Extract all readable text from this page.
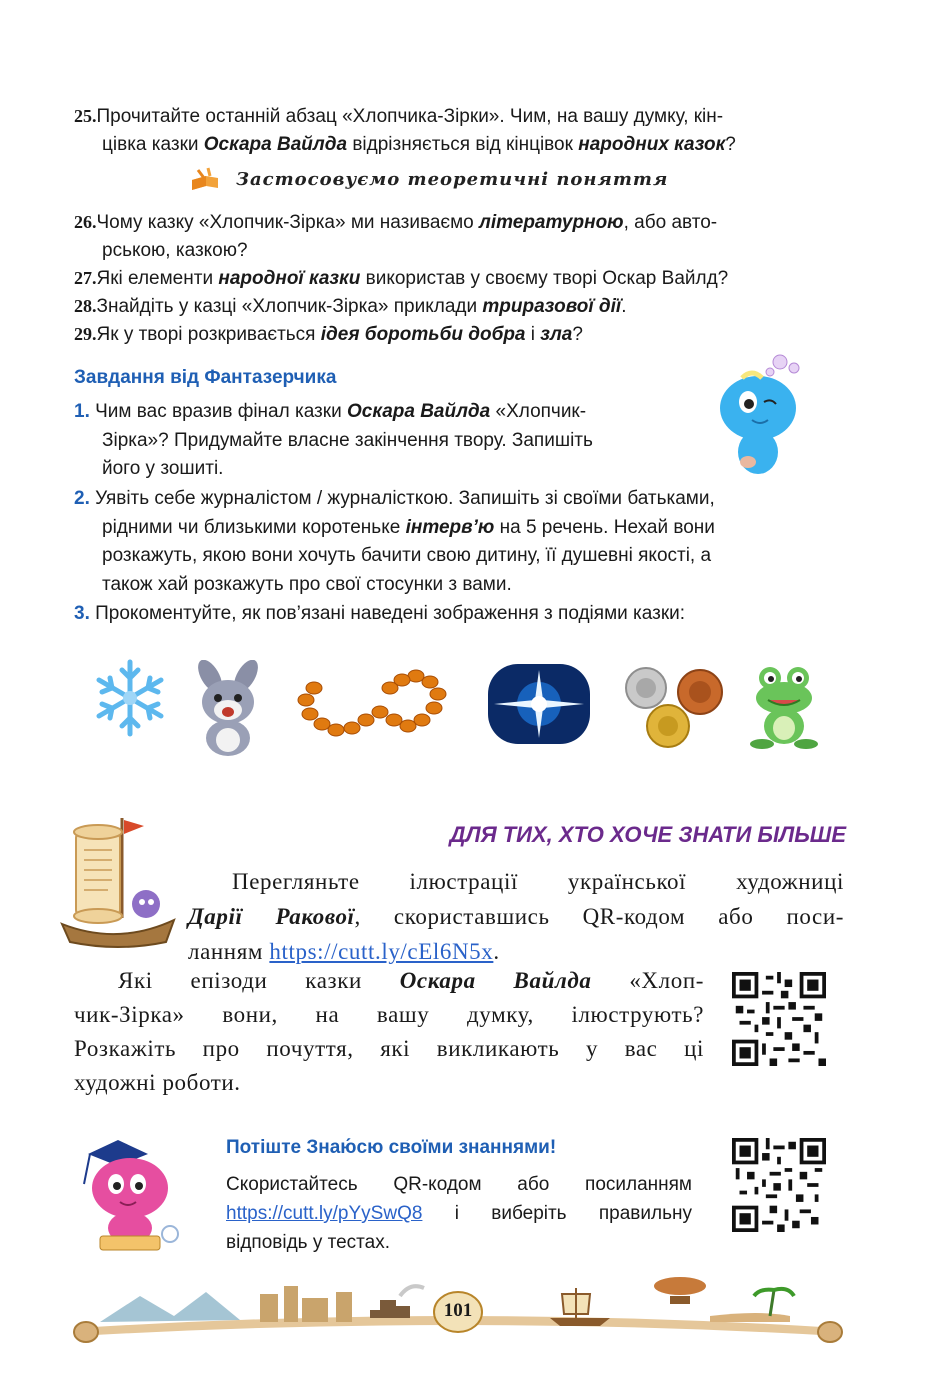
25.Прочитайте останній абзац «Хлопчика-Зірки». Чим, на вашу думку, кін-
цівка казки Оскара Вайлда відрізняється від кінцівок народних казок?
Застосовуємо теоретичні поняття
26.Чому казку «Хлопчик-Зірка» ми називаємо літературною, або авто-
рською, казкою?
27.Які елементи народної казки використав у своєму творі Оскар Вайлд?
28.Знайдіть у казці «Хлопчик-Зірка» приклади триразової дії.
29.Як у творі розкривається ідея боротьби добра і зла?
Завдання від Фантазерчика
1. Чим вас вразив фінал казки Оскара Вайлда «Хлопчик-
Зірка»? Придумайте власне закінчення твору. Запишіть
його у зошиті.
2. Уявіть себе журналістом / журналісткою. Запишіть зі своїми батьками,
рідними чи близькими коротеньке інтерв’ю на 5 речень. Нехай вони
розкажуть, якою вони хочуть бачити свою дитину, її душевні якості, а
також хай розкажуть про свої стосунки з вами.
3. Прокоментуйте, як пов’язані наведені зображення з подіями казки:
ДЛЯ ТИХ, ХТО ХОЧЕ ЗНАТИ БІЛЬШЕ
Перегляньте ілюстрації української художниці
Дарії Ракової, скориставшись QR-кодом або поси-
ланням https://cutt.ly/cEl6N5x.
Які епізоди казки Оскара Вайлда «Хлоп-
чик-Зірка» вони, на вашу думку, ілюструють?
Розкажіть про почуття, які викликають у вас ці
художні роботи.
Потіште Знаю́сю своїми знаннями!
Скористайтесь QR-кодом або посиланням
https://cutt.ly/pYySwQ8 і виберіть правильну
відповідь у тестах.
101
